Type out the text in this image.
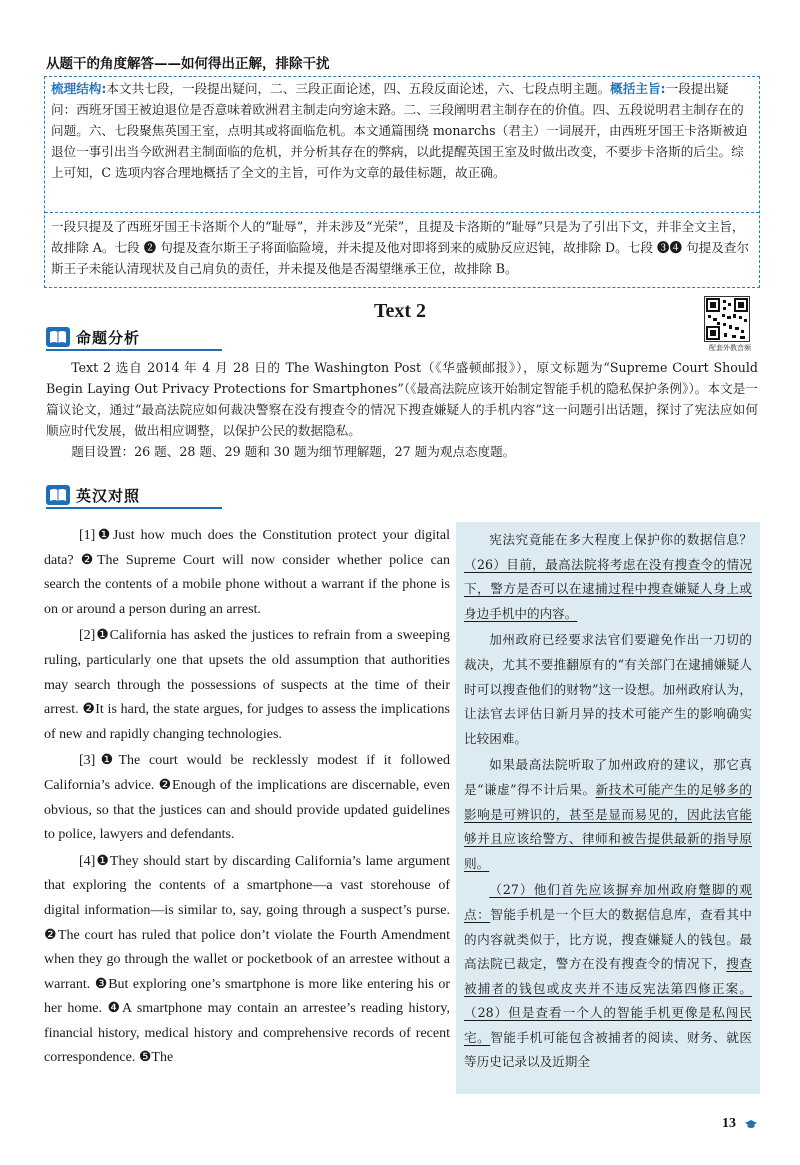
从题干的角度解答——如何得出正解，排除干扰
梳理结构:本文共七段，一段提出疑问，二、三段正面论述，四、五段反面论述，六、七段点明主题。概括主旨:一段提出疑问：西班牙国王被迫退位是否意味着欧洲君主制走向穷途末路。二、三段阐明君主制存在的价值。四、五段说明君主制存在的问题。六、七段聚焦英国王室，点明其或将面临危机。本文通篇围绕 monarchs（君主）一词展开，由西班牙国王卡洛斯被迫退位一事引出当今欧洲君主制面临的危机，并分析其存在的弊病，以此提醒英国王室及时做出改变，不要步卡洛斯的后尘。综上可知，C 选项内容合理地概括了全文的主旨，可作为文章的最佳标题，故正确。
一段只提及了西班牙国王卡洛斯个人的“耻辱”，并未涉及“光荣”，且提及卡洛斯的“耻辱”只是为了引出下文，并非全文主旨，故排除 A。七段 ❷ 句提及查尔斯王子将面临险境，并未提及他对即将到来的威胁反应迟钝，故排除 D。七段 ❸❹ 句提及查尔斯王子未能认清现状及自己肩负的责任，并未提及他是否渴望继承王位，故排除 B。
Text 2
配套外教音频
命题分析

Text 2 选自 2014 年 4 月 28 日的 The Washington Post（《华盛顿邮报》），原文标题为“Supreme Court Should Begin Laying Out Privacy Protections for Smartphones”（《最高法院应该开始制定智能手机的隐私保护条例》）。本文是一篇议论文，通过“最高法院应如何裁决警察在没有搜查令的情况下搜查嫌疑人的手机内容”这一问题引出话题，探讨了宪法应如何顺应时代发展，做出相应调整，以保护公民的数据隐私。

题目设置：26 题、28 题、29 题和 30 题为细节理解题，27 题为观点态度题。

英汉对照

[1]❶Just how much does the Constitution protect your digital data? ❷The Supreme Court will now consider whether police can search the contents of a mobile phone without a warrant if the phone is on or around a person during an arrest.

[2]❶California has asked the justices to refrain from a sweeping ruling, particularly one that upsets the old assumption that authorities may search through the possessions of suspects at the time of their arrest. ❷It is hard, the state argues, for judges to assess the implications of new and rapidly changing technologies.

[3]❶The court would be recklessly modest if it followed California’s advice. ❷Enough of the implications are discernable, even obvious, so that the justices can and should provide updated guidelines to police, lawyers and defendants.

[4]❶They should start by discarding California’s lame argument that exploring the contents of a smartphone—a vast storehouse of digital information—is similar to, say, going through a suspect’s purse. ❷The court has ruled that police don’t violate the Fourth Amendment when they go through the wallet or pocketbook of an arrestee without a warrant. ❸But exploring one’s smartphone is more like entering his or her home. ❹A smartphone may contain an arrestee’s reading history, financial history, medical history and comprehensive records of recent correspondence. ❺The

宪法究竟能在多大程度上保护你的数据信息？（26）目前，最高法院将考虑在没有搜查令的情况下，警方是否可以在逮捕过程中搜查嫌疑人身上或身边手机中的内容。

加州政府已经要求法官们要避免作出一刀切的裁决，尤其不要推翻原有的“有关部门在逮捕嫌疑人时可以搜查他们的财物”这一设想。加州政府认为，让法官去评估日新月异的技术可能产生的影响确实比较困难。

如果最高法院听取了加州政府的建议，那它真是“谦虚”得不计后果。新技术可能产生的足够多的影响是可辨识的，甚至是显而易见的，因此法官能够并且应该给警方、律师和被告提供最新的指导原则。

（27）他们首先应该摒弃加州政府蹩脚的观点：智能手机是一个巨大的数据信息库，查看其中的内容就类似于，比方说，搜查嫌疑人的钱包。最高法院已裁定，警方在没有搜查令的情况下，搜查被捕者的钱包或皮夹并不违反宪法第四修正案。（28）但是查看一个人的智能手机更像是私闯民宅。智能手机可能包含被捕者的阅读、财务、就医等历史记录以及近期全

13
